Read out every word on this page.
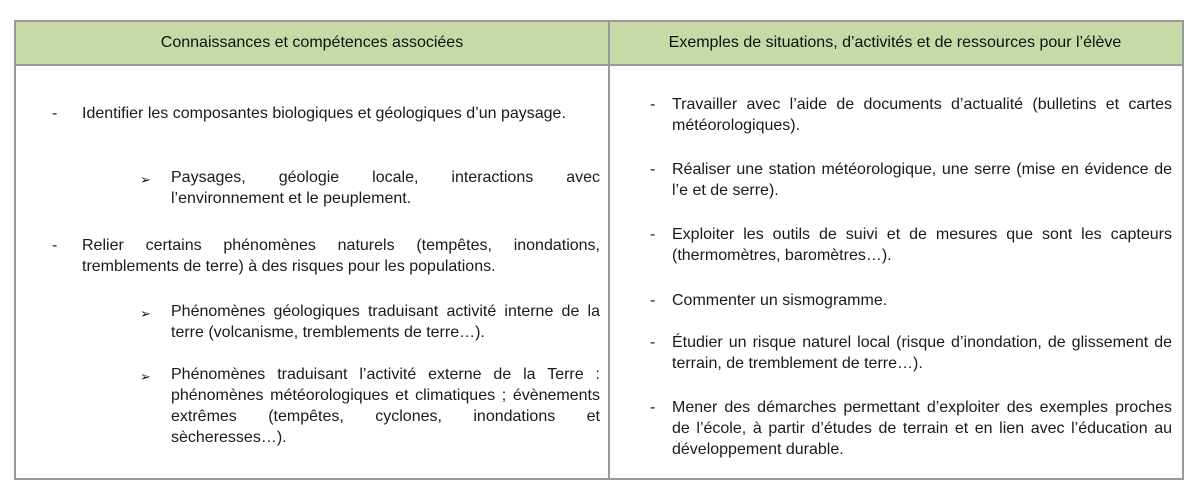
Connaissances et compétences associées	Exemples de situations, d’activités et de ressources pour l’élève
- Identifier les composantes biologiques et géologiques d’un paysage.
➢ Paysages, géologie locale, interactions avec l’environnement et le peuplement.
- Relier certains phénomènes naturels (tempêtes, inondations, tremblements de terre) à des risques pour les populations.
➢ Phénomènes géologiques traduisant activité interne de la terre (volcanisme, tremblements de terre…).
➢ Phénomènes traduisant l’activité externe de la Terre : phénomènes météorologiques et climatiques ; évènements extrêmes (tempêtes, cyclones, inondations et sècheresses…).
- Travailler avec l’aide de documents d’actualité (bulletins et cartes météorologiques).
- Réaliser une station météorologique, une serre (mise en évidence de l’e et de serre).
- Exploiter les outils de suivi et de mesures que sont les capteurs (thermomètres, baromètres…).
- Commenter un sismogramme.
- Étudier un risque naturel local (risque d’inondation, de glissement de terrain, de tremblement de terre…).
- Mener des démarches permettant d’exploiter des exemples proches de l’école, à partir d’études de terrain et en lien avec l’éducation au développement durable.
